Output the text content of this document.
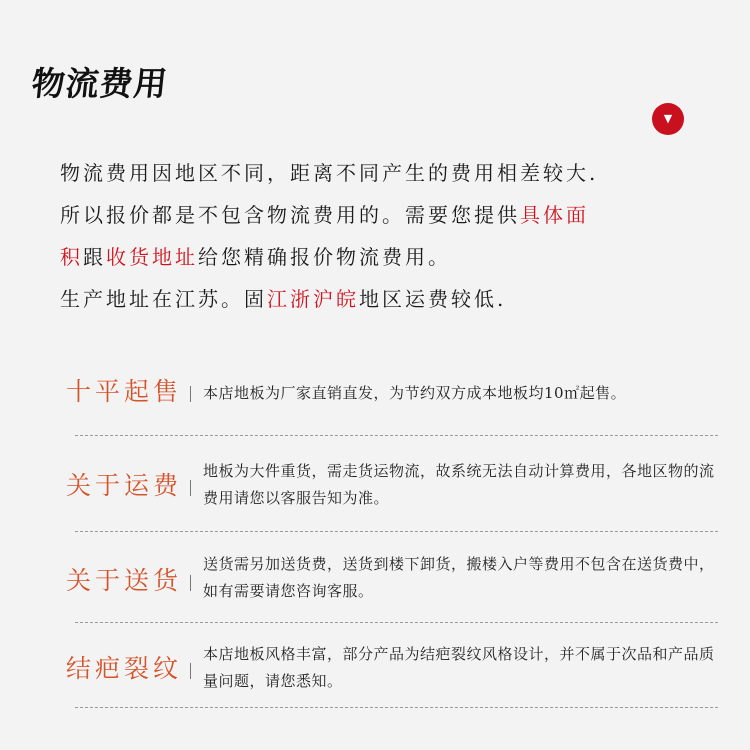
物流费用
▼
物流费用因地区不同，距离不同产生的费用相差较大.
所以报价都是不包含物流费用的。需要您提供具体面
积跟收货地址给您精确报价物流费用。
生产地址在江苏。固江浙沪皖地区运费较低.
十平起售 本店地板为厂家直销直发，为节约双方成本地板均10㎡起售。
关于运费 地板为大件重货，需走货运物流，故系统无法自动计算费用，各地区物的流费用请您以客服告知为准。
关于送货
送货需另加送货费，送货到楼下卸货，搬楼入户等费用不包含在送货费中，如有需要请您咨询客服。
结疤裂纹 本店地板风格丰富，部分产品为结疤裂纹风格设计，并不属于次品和产品质量问题，请您悉知。
